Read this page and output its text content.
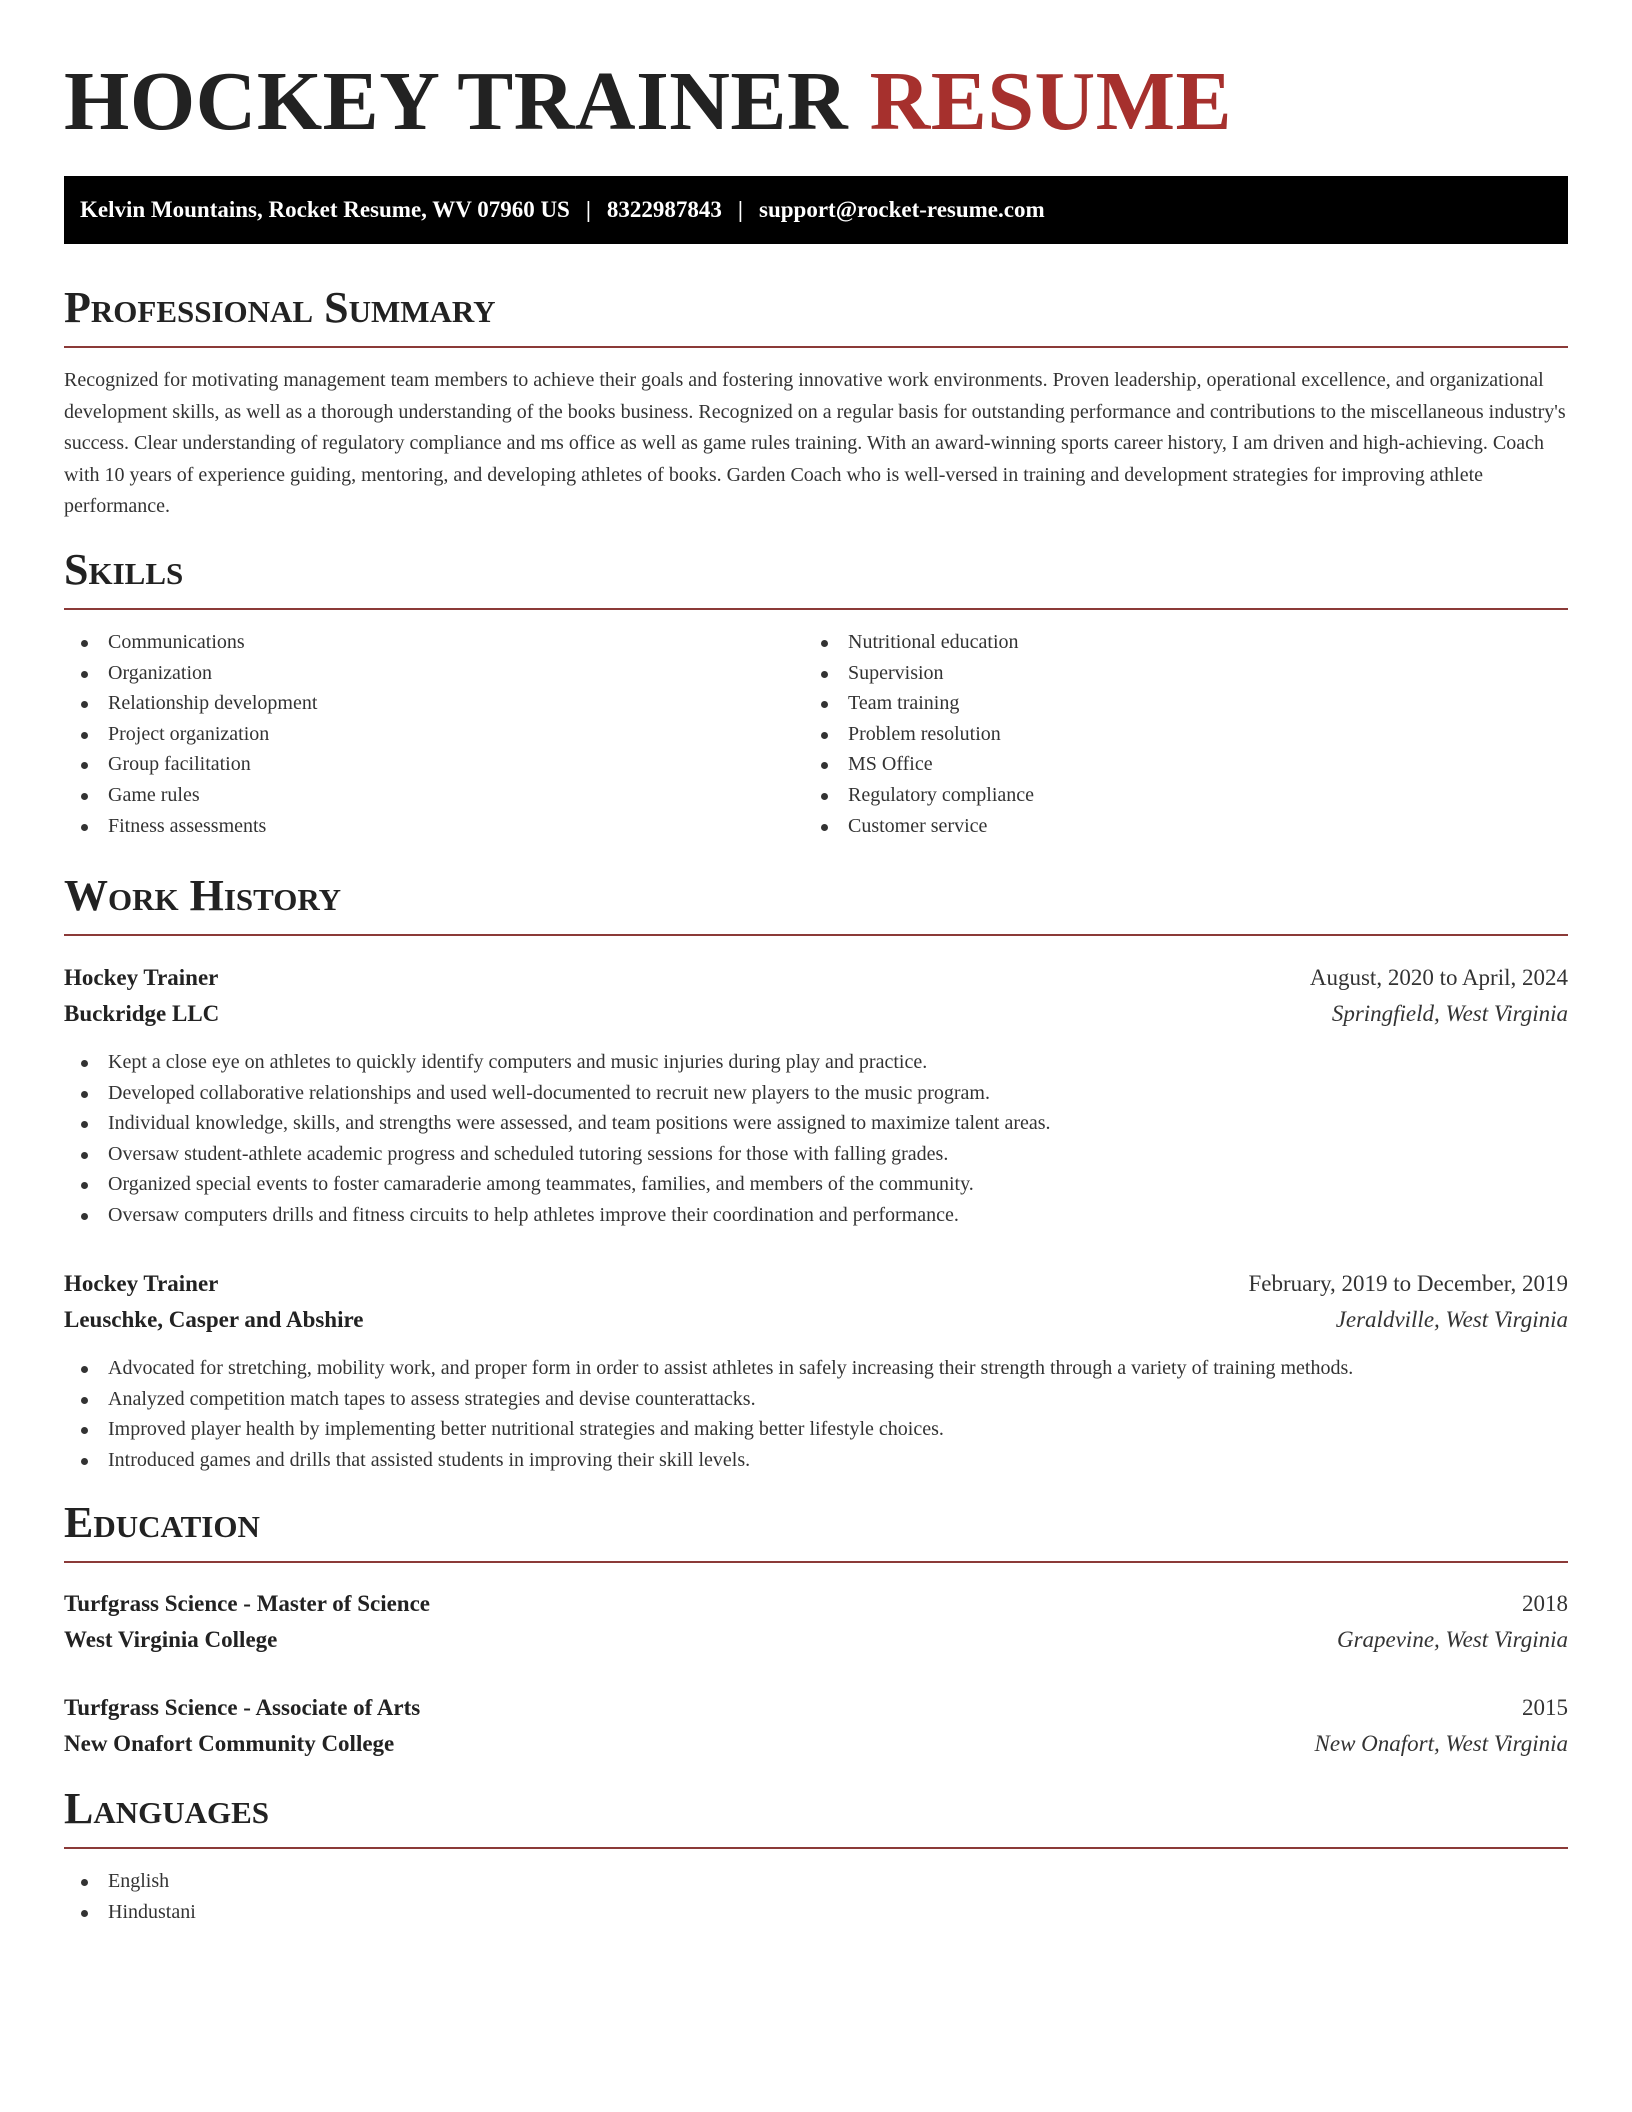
HOCKEY TRAINER RESUME
Kelvin Mountains, Rocket Resume, WV 07960 US | 8322987843 | support@rocket-resume.com
Professional Summary

Recognized for motivating management team members to achieve their goals and fostering innovative work environments. Proven leadership, operational excellence, and organizational development skills, as well as a thorough understanding of the books business. Recognized on a regular basis for outstanding performance and contributions to the miscellaneous industry's success. Clear understanding of regulatory compliance and ms office as well as game rules training. With an award-winning sports career history, I am driven and high-achieving. Coach with 10 years of experience guiding, mentoring, and developing athletes of books. Garden Coach who is well-versed in training and development strategies for improving athlete performance.

Skills
Communications
Organization
Relationship development
Project organization
Group facilitation
Game rules
Fitness assessments
Nutritional education
Supervision
Team training
Problem resolution
MS Office
Regulatory compliance
Customer service
Work History
Hockey Trainer	August, 2020 to April, 2024
Buckridge LLC	Springfield, West Virginia
Kept a close eye on athletes to quickly identify computers and music injuries during play and practice.
Developed collaborative relationships and used well-documented to recruit new players to the music program.
Individual knowledge, skills, and strengths were assessed, and team positions were assigned to maximize talent areas.
Oversaw student-athlete academic progress and scheduled tutoring sessions for those with falling grades.
Organized special events to foster camaraderie among teammates, families, and members of the community.
Oversaw computers drills and fitness circuits to help athletes improve their coordination and performance.
Hockey Trainer	February, 2019 to December, 2019
Leuschke, Casper and Abshire	Jeraldville, West Virginia
Advocated for stretching, mobility work, and proper form in order to assist athletes in safely increasing their strength through a variety of training methods.
Analyzed competition match tapes to assess strategies and devise counterattacks.
Improved player health by implementing better nutritional strategies and making better lifestyle choices.
Introduced games and drills that assisted students in improving their skill levels.
Education
Turfgrass Science - Master of Science	2018
West Virginia College	Grapevine, West Virginia
Turfgrass Science - Associate of Arts	2015
New Onafort Community College	New Onafort, West Virginia
Languages
English
Hindustani
